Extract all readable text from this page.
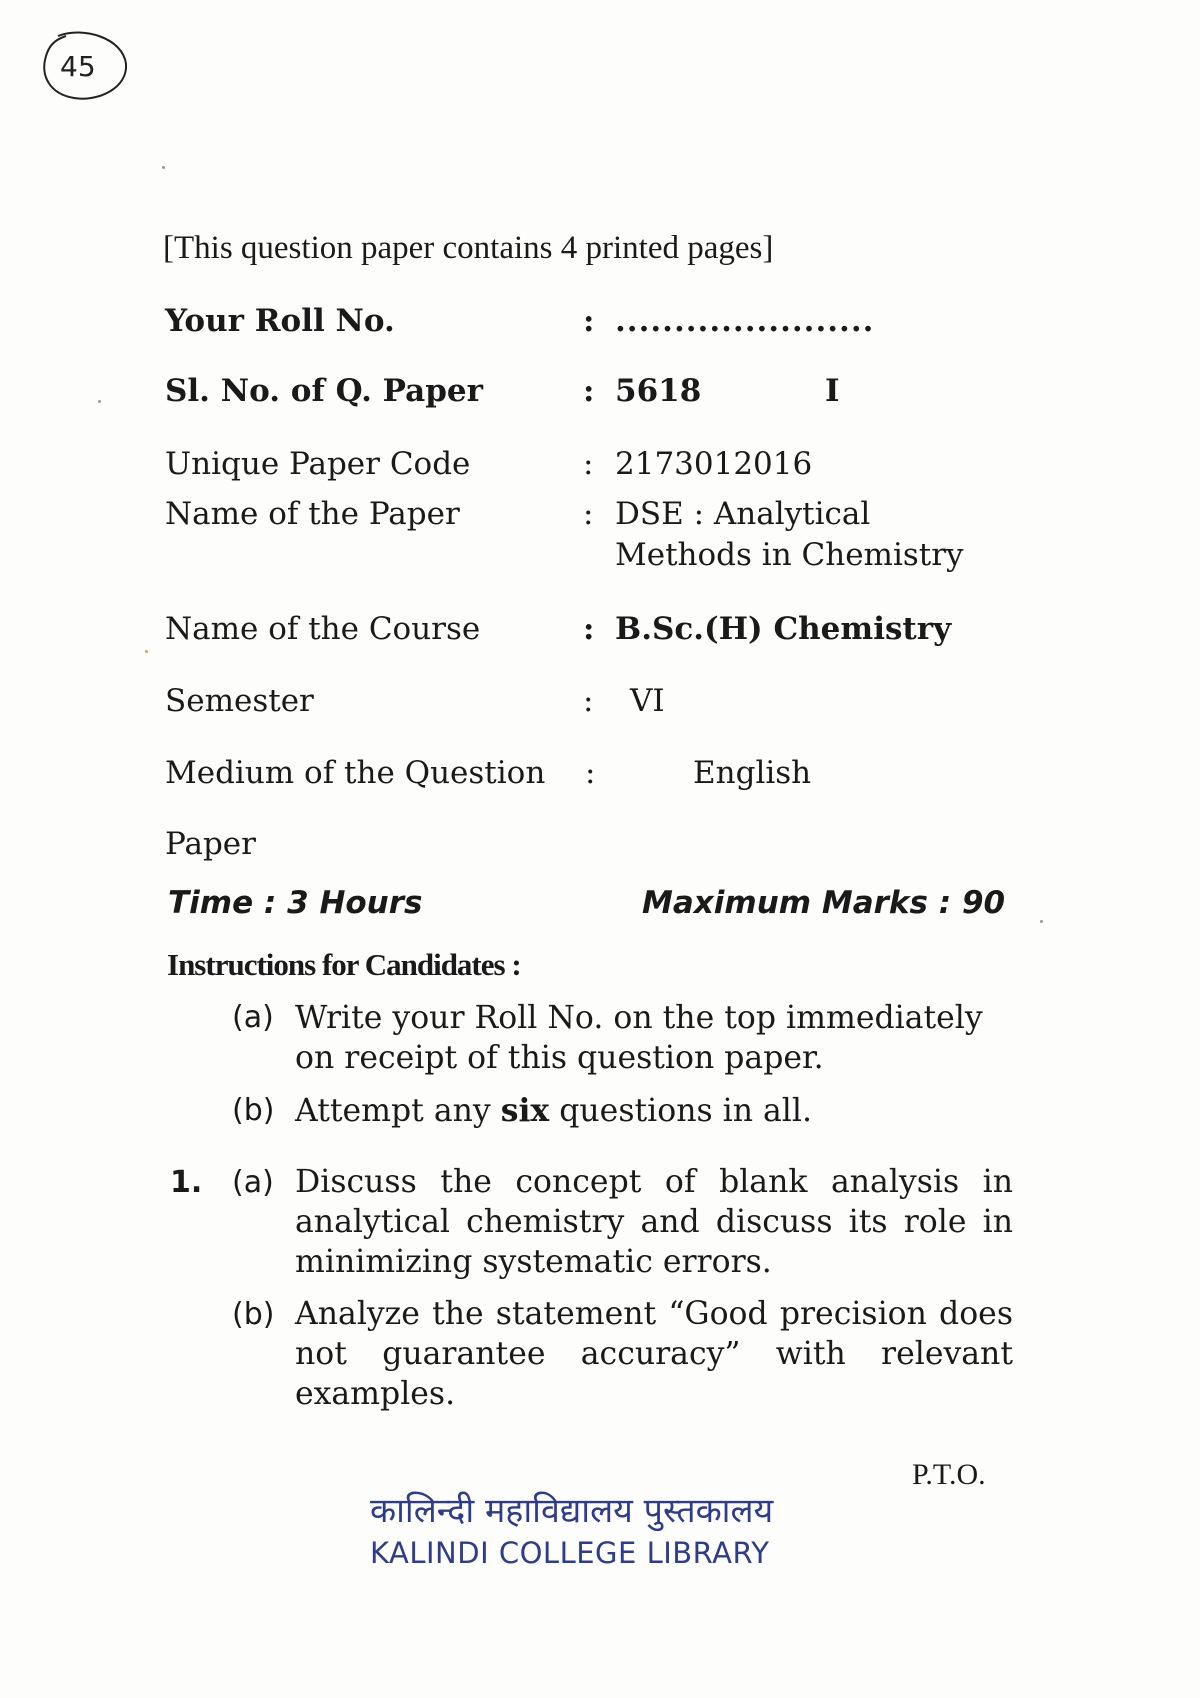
45
[This question paper contains 4 printed pages]
Your Roll No.	: ......................
Sl. No. of Q. Paper	: 5618	I
Unique Paper Code	: 2173012016
Name of the Paper	: DSE : Analytical
Methods in Chemistry
Name of the Course	: B.Sc.(H) Chemistry
Semester	: VI
Medium of the Question :	English
Paper
Time : 3 Hours	Maximum Marks : 90
Instructions for Candidates :
(a) Write your Roll No. on the top immediately on receipt of this question paper.
(b) Attempt any six questions in all.
1. (a) Discuss the concept of blank analysis in analytical chemistry and discuss its role in minimizing systematic errors.
(b) Analyze the statement “Good precision does not guarantee accuracy” with relevant examples.
P.T.O.
कालिन्दी महाविद्यालय पुस्तकालय
KALINDI COLLEGE LIBRARY
